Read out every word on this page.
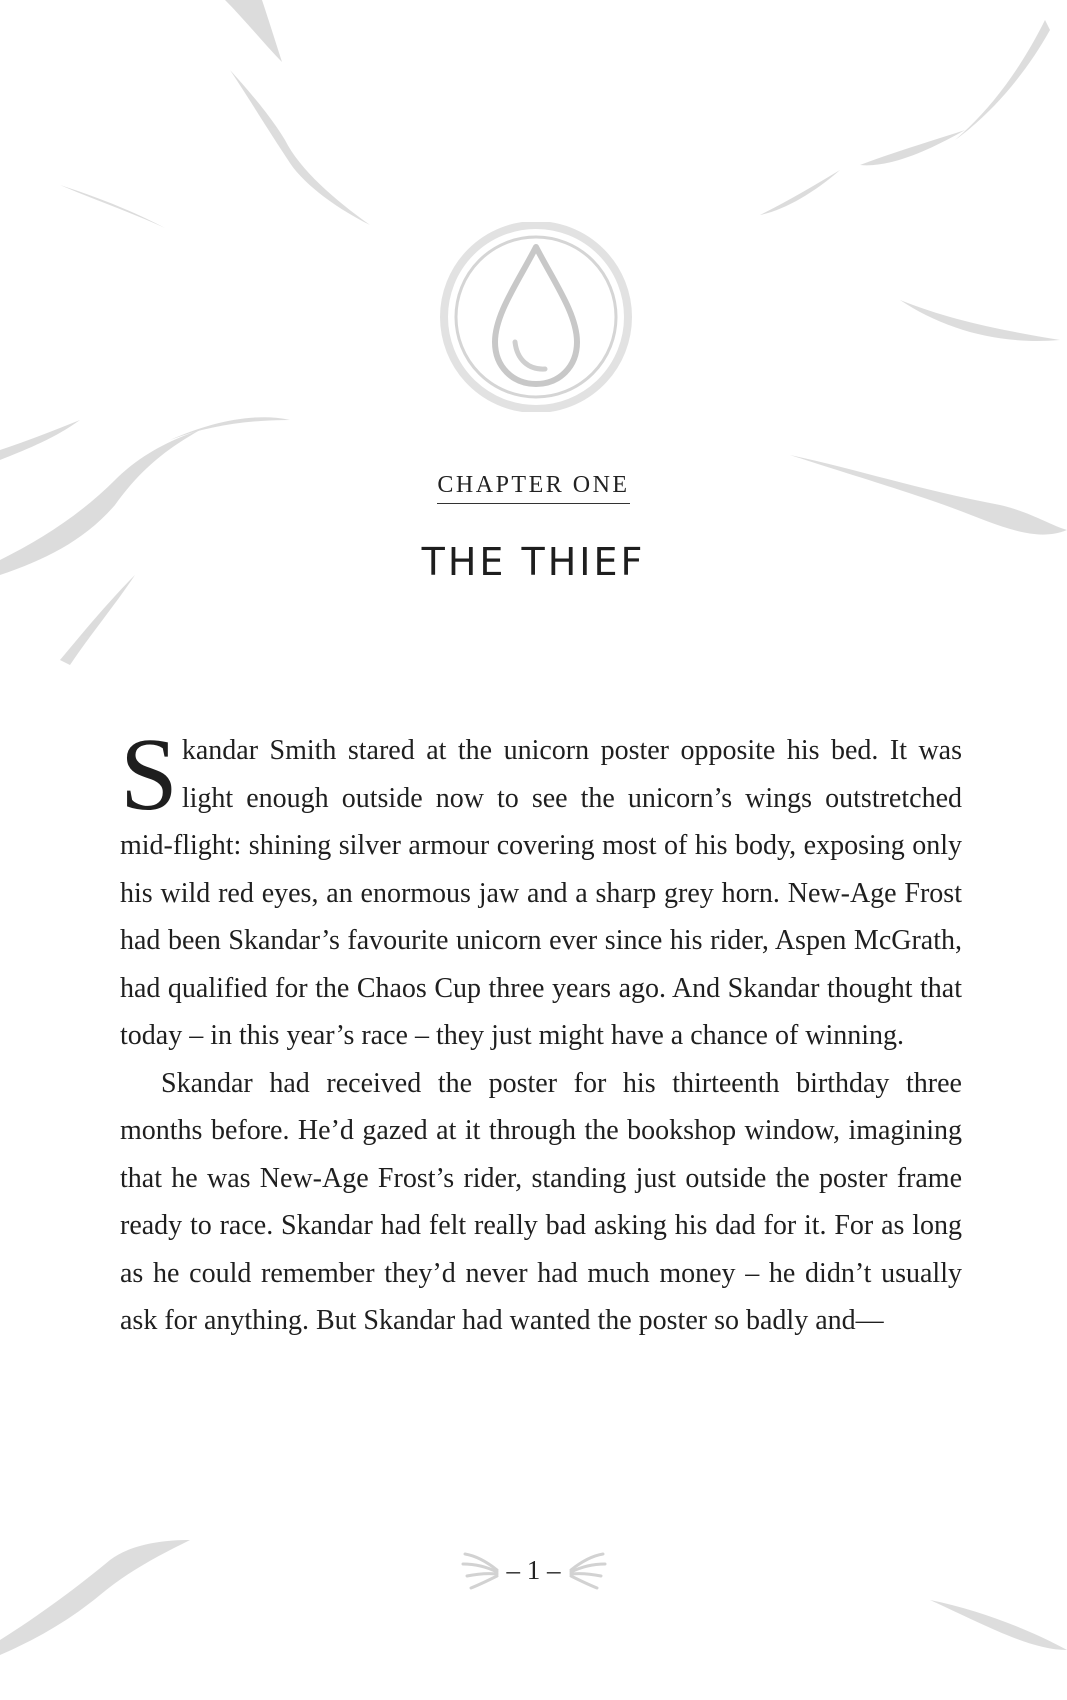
CHAPTER ONE
THE THIEF

Skandar Smith stared at the unicorn poster opposite his bed. It was light enough outside now to see the unicorn’s wings outstretched mid-flight: shining silver armour covering most of his body, exposing only his wild red eyes, an enormous jaw and a sharp grey horn. New-Age Frost had been Skandar’s favourite unicorn ever since his rider, Aspen McGrath, had qualified for the Chaos Cup three years ago. And Skandar thought that today – in this year’s race – they just might have a chance of winning.

Skandar had received the poster for his thirteenth birthday three months before. He’d gazed at it through the bookshop window, imagining that he was New-Age Frost’s rider, standing just outside the poster frame ready to race. Skandar had felt really bad asking his dad for it. For as long as he could remember they’d never had much money – he didn’t usually ask for anything. But Skandar had wanted the poster so badly and—

– 1 –
